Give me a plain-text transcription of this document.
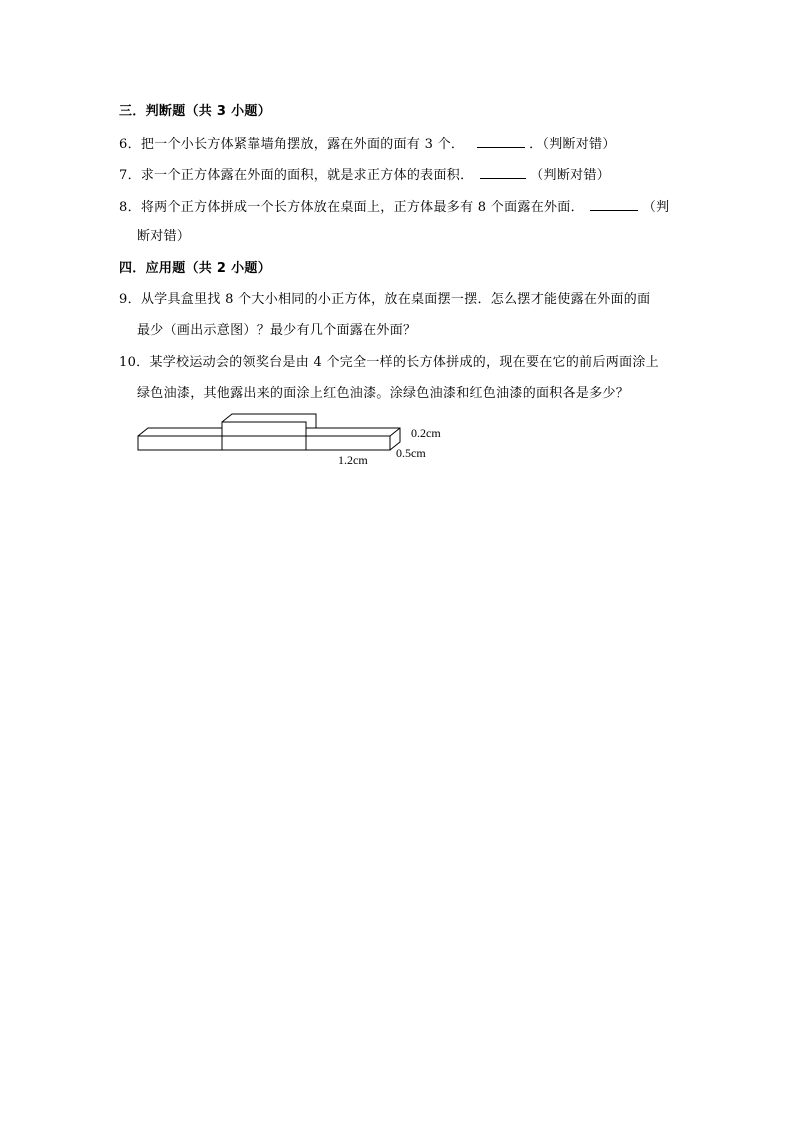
三．判断题（共 3 小题）
6．把一个小长方体紧靠墙角摆放，露在外面的面有 3 个．	．（判断对错）
7．求一个正方体露在外面的面积，就是求正方体的表面积．	（判断对错）
8．将两个正方体拼成一个长方体放在桌面上，正方体最多有 8 个面露在外面．	（判
断对错）
四．应用题（共 2 小题）
9．从学具盒里找 8 个大小相同的小正方体，放在桌面摆一摆．怎么摆才能使露在外面的面
最少（画出示意图）？最少有几个面露在外面？
10．某学校运动会的领奖台是由 4 个完全一样的长方体拼成的，现在要在它的前后两面涂上
绿色油漆，其他露出来的面涂上红色油漆。涂绿色油漆和红色油漆的面积各是多少？
0.2cm
0.5cm
1.2cm
